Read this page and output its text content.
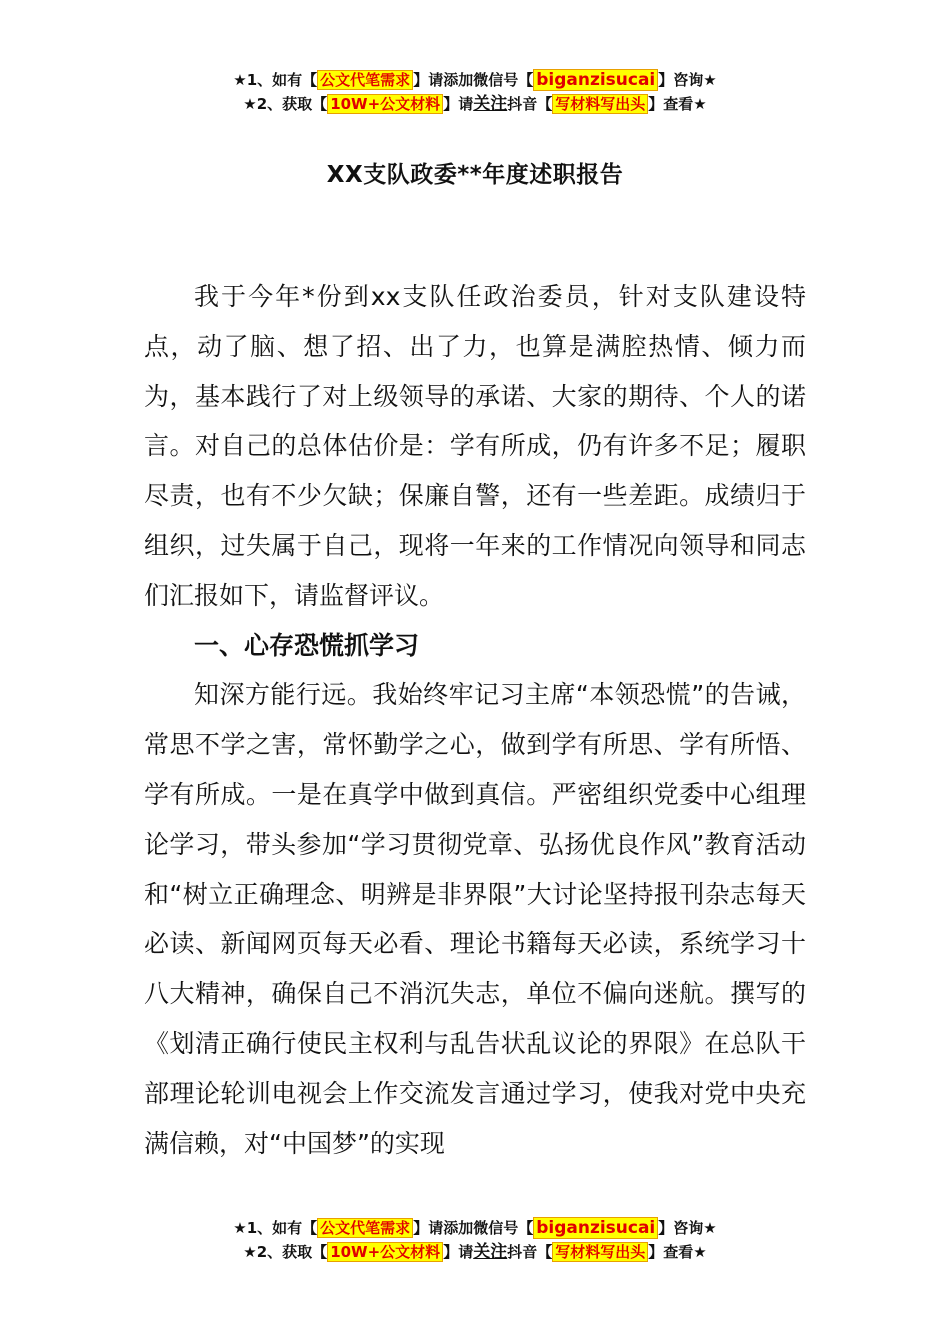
★1、如有【 公文代笔需求 】请添加微信号【 biganzisucai 】咨询★
★2、获取【 10W+公文材料 】请关注抖音【 写材料写出头 】查看★
XX支队政委**年度述职报告

我于今年*份到xx支队任政治委员，针对支队建设特点，动了脑、想了招、出了力，也算是满腔热情、倾力而为，基本践行了对上级领导的承诺、大家的期待、个人的诺言。对自己的总体估价是：学有所成，仍有许多不足；履职尽责，也有不少欠缺；保廉自警，还有一些差距。成绩归于组织，过失属于自己，现将一年来的工作情况向领导和同志们汇报如下，请监督评议。

一、心存恐慌抓学习

知深方能行远。我始终牢记习主席“本领恐慌”的告诫，常思不学之害，常怀勤学之心，做到学有所思、学有所悟、学有所成。一是在真学中做到真信。严密组织党委中心组理论学习，带头参加“学习贯彻党章、弘扬优良作风”教育活动和“树立正确理念、明辨是非界限”大讨论坚持报刊杂志每天必读、新闻网页每天必看、理论书籍每天必读，系统学习十八大精神，确保自己不消沉失志，单位不偏向迷航。撰写的《划清正确行使民主权利与乱告状乱议论的界限》在总队干部理论轮训电视会上作交流发言通过学习，使我对党中央充满信赖，对“中国梦”的实现

★1、如有【 公文代笔需求 】请添加微信号【 biganzisucai 】咨询★
★2、获取【 10W+公文材料 】请关注抖音【 写材料写出头 】查看★
